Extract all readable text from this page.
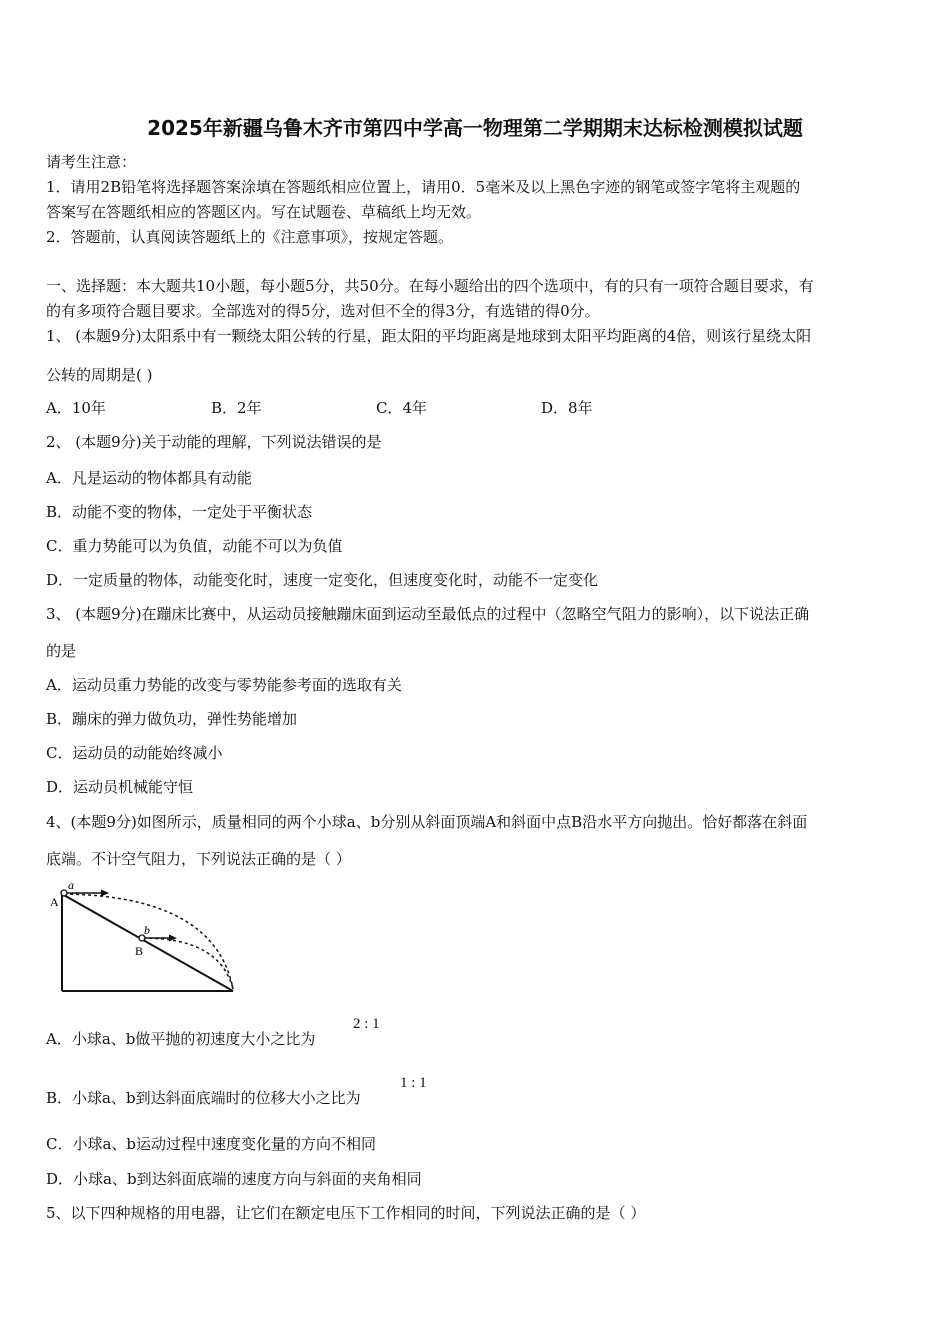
2025年新疆乌鲁木齐市第四中学高一物理第二学期期末达标检测模拟试题
请考生注意：
1．请用2B铅笔将选择题答案涂填在答题纸相应位置上，请用0．5毫米及以上黑色字迹的钢笔或签字笔将主观题的
答案写在答题纸相应的答题区内。写在试题卷、草稿纸上均无效。
2．答题前，认真阅读答题纸上的《注意事项》，按规定答题。
一、选择题：本大题共10小题，每小题5分，共50分。在每小题给出的四个选项中，有的只有一项符合题目要求，有
的有多项符合题目要求。全部选对的得5分，选对但不全的得3分，有选错的得0分。
1、 (本题9分)太阳系中有一颗绕太阳公转的行星，距太阳的平均距离是地球到太阳平均距离的4倍，则该行星绕太阳
公转的周期是( )
A．10年	B．2年	C．4年	D．8年
2、 (本题9分)关于动能的理解，下列说法错误的是
A．凡是运动的物体都具有动能
B．动能不变的物体，一定处于平衡状态
C．重力势能可以为负值，动能不可以为负值
D．一定质量的物体，动能变化时，速度一定变化，但速度变化时，动能不一定变化
3、 (本题9分)在蹦床比赛中，从运动员接触蹦床面到运动至最低点的过程中（忽略空气阻力的影响），以下说法正确
的是
A．运动员重力势能的改变与零势能参考面的选取有关
B．蹦床的弹力做负功，弹性势能增加
C．运动员的动能始终减小
D．运动员机械能守恒
4、(本题9分)如图所示，质量相同的两个小球a、b分别从斜面顶端A和斜面中点B沿水平方向抛出。恰好都落在斜面
底端。不计空气阻力，下列说法正确的是（ ）
a
A
b
B
A．小球a、b做平抛的初速度大小之比为
2 : 1
B．小球a、b到达斜面底端时的位移大小之比为
1 : 1
C．小球a、b运动过程中速度变化量的方向不相同
D．小球a、b到达斜面底端的速度方向与斜面的夹角相同
5、以下四种规格的用电器，让它们在额定电压下工作相同的时间，下列说法正确的是（ ）
